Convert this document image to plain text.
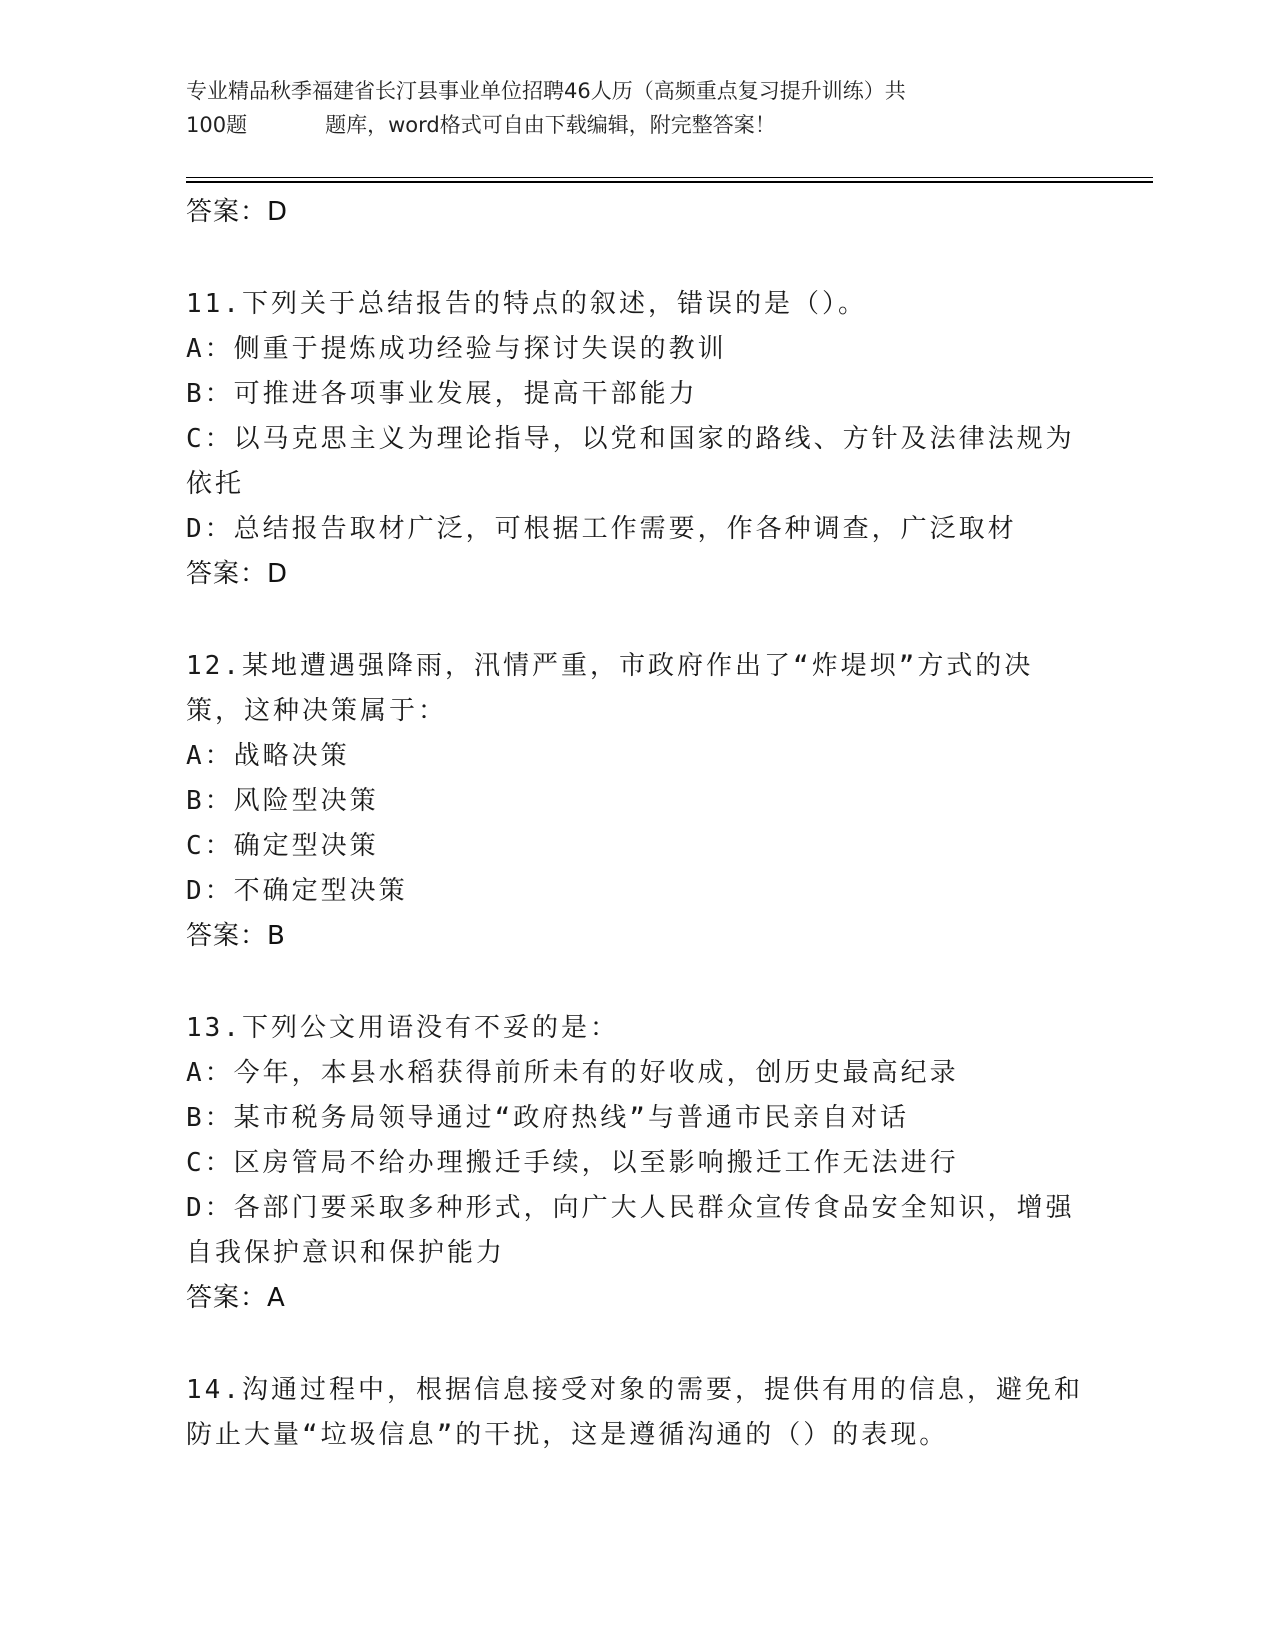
专业精品秋季福建省长汀县事业单位招聘46人历（高频重点复习提升训练）共
100题	题库，word格式可自由下载编辑，附完整答案！
答案：D
11.下列关于总结报告的特点的叙述，错误的是（）。
A：侧重于提炼成功经验与探讨失误的教训
B：可推进各项事业发展，提高干部能力
C：以马克思主义为理论指导，以党和国家的路线、方针及法律法规为依托
D：总结报告取材广泛，可根据工作需要，作各种调查，广泛取材
答案：D
12.某地遭遇强降雨，汛情严重，市政府作出了“炸堤坝”方式的决策，这种决策属于：
A：战略决策
B：风险型决策
C：确定型决策
D：不确定型决策
答案：B
13.下列公文用语没有不妥的是：
A：今年，本县水稻获得前所未有的好收成，创历史最高纪录
B：某市税务局领导通过“政府热线”与普通市民亲自对话
C：区房管局不给办理搬迁手续，以至影响搬迁工作无法进行
D：各部门要采取多种形式，向广大人民群众宣传食品安全知识，增强自我保护意识和保护能力
答案：A
14.沟通过程中，根据信息接受对象的需要，提供有用的信息，避免和防止大量“垃圾信息”的干扰，这是遵循沟通的（）的表现。
